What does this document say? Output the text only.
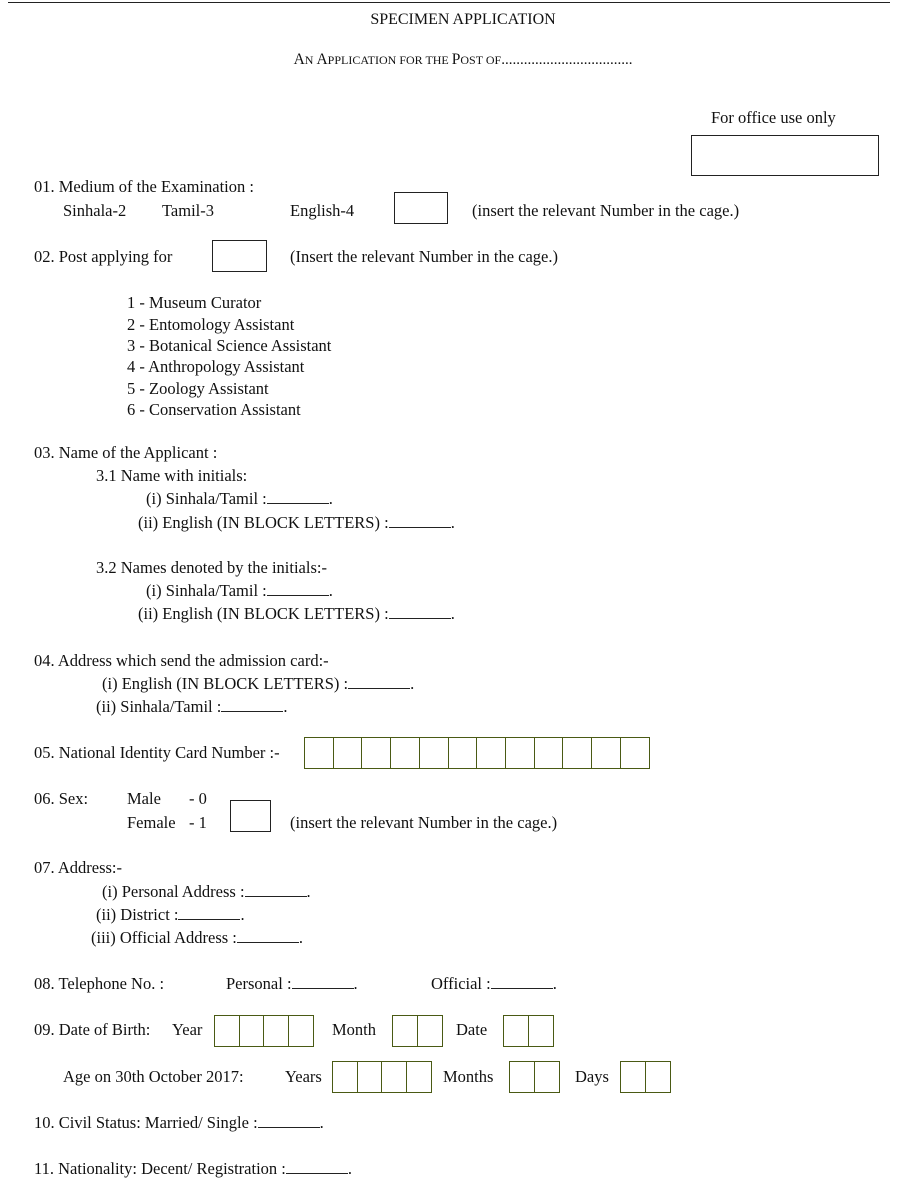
SPECIMEN APPLICATION
AN APPLICATION FOR THE POST OF...................................
For office use only
01. Medium of the Examination :
Sinhala-2 Tamil-3	English-4	(insert the relevant Number in the cage.)
02. Post applying for	(Insert the relevant Number in the cage.)
1 - Museum Curator
2 - Entomology Assistant
3 - Botanical Science Assistant
4 - Anthropology Assistant
5 - Zoology Assistant
6 - Conservation Assistant
03. Name of the Applicant :
3.1 Name with initials:
(i) Sinhala/Tamil :	.
(ii) English (IN BLOCK LETTERS) :	.
3.2 Names denoted by the initials:-
(i) Sinhala/Tamil :	.
(ii) English (IN BLOCK LETTERS) :	.
04. Address which send the admission card:-
(i) English (IN BLOCK LETTERS) :	.
(ii) Sinhala/Tamil :	.
05. National Identity Card Number :-
06. Sex: Male - 0
Female - 1	(insert the relevant Number in the cage.)
07. Address:-
(i) Personal Address :	.
(ii) District :	.
(iii) Official Address :	.
08. Telephone No. :	Personal :	.	Official :	.
09. Date of Birth: Year	Month	Date
Age on 30th October 2017:	Years	Months	Days
10. Civil Status: Married/ Single :	.
11. Nationality: Decent/ Registration :	.
